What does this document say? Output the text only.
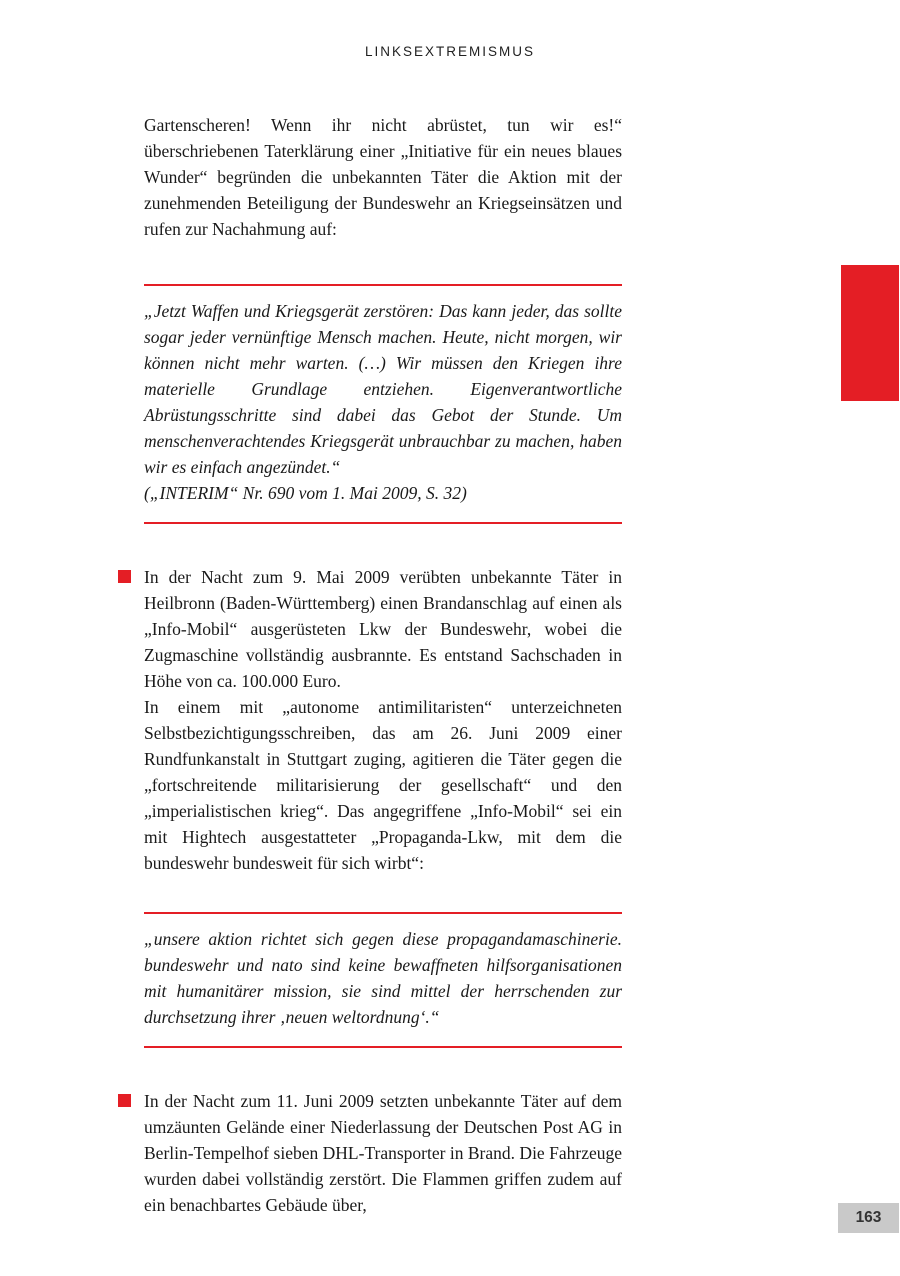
LINKSEXTREMISMUS

Gartenscheren! Wenn ihr nicht abrüstet, tun wir es!“ überschriebenen Taterklärung einer „Initiative für ein neues blaues Wunder“ begründen die unbekannten Täter die Aktion mit der zunehmenden Beteiligung der Bundeswehr an Kriegseinsätzen und rufen zur Nachahmung auf:

„Jetzt Waffen und Kriegsgerät zerstören: Das kann jeder, das sollte sogar jeder vernünftige Mensch machen. Heute, nicht morgen, wir können nicht mehr warten. (…) Wir müssen den Kriegen ihre materielle Grundlage entziehen. Eigenverantwortliche Abrüstungsschritte sind dabei das Gebot der Stunde. Um menschenverachtendes Kriegsgerät unbrauchbar zu machen, haben wir es einfach angezündet.“

(„INTERIM“ Nr. 690 vom 1. Mai 2009, S. 32)

In der Nacht zum 9. Mai 2009 verübten unbekannte Täter in Heilbronn (Baden-Württemberg) einen Brandanschlag auf einen als „Info-Mobil“ ausgerüsteten Lkw der Bundeswehr, wobei die Zugmaschine vollständig ausbrannte. Es entstand Sachschaden in Höhe von ca. 100.000 Euro.

In einem mit „autonome antimilitaristen“ unterzeichneten Selbstbezichtigungsschreiben, das am 26. Juni 2009 einer Rundfunkanstalt in Stuttgart zuging, agitieren die Täter gegen die „fortschreitende militarisierung der gesellschaft“ und den „imperialistischen krieg“. Das angegriffene „Info-Mobil“ sei ein mit Hightech ausgestatteter „Propaganda-Lkw, mit dem die bundeswehr bundesweit für sich wirbt“:

„unsere aktion richtet sich gegen diese propagandamaschinerie. bundeswehr und nato sind keine bewaffneten hilfsorganisationen mit humanitärer mission, sie sind mittel der herrschenden zur durchsetzung ihrer ‚neuen weltordnung‘.“

In der Nacht zum 11. Juni 2009 setzten unbekannte Täter auf dem umzäunten Gelände einer Niederlassung der Deutschen Post AG in Berlin-Tempelhof sieben DHL-Transporter in Brand. Die Fahrzeuge wurden dabei vollständig zerstört. Die Flammen griffen zudem auf ein benachbartes Gebäude über,

163
